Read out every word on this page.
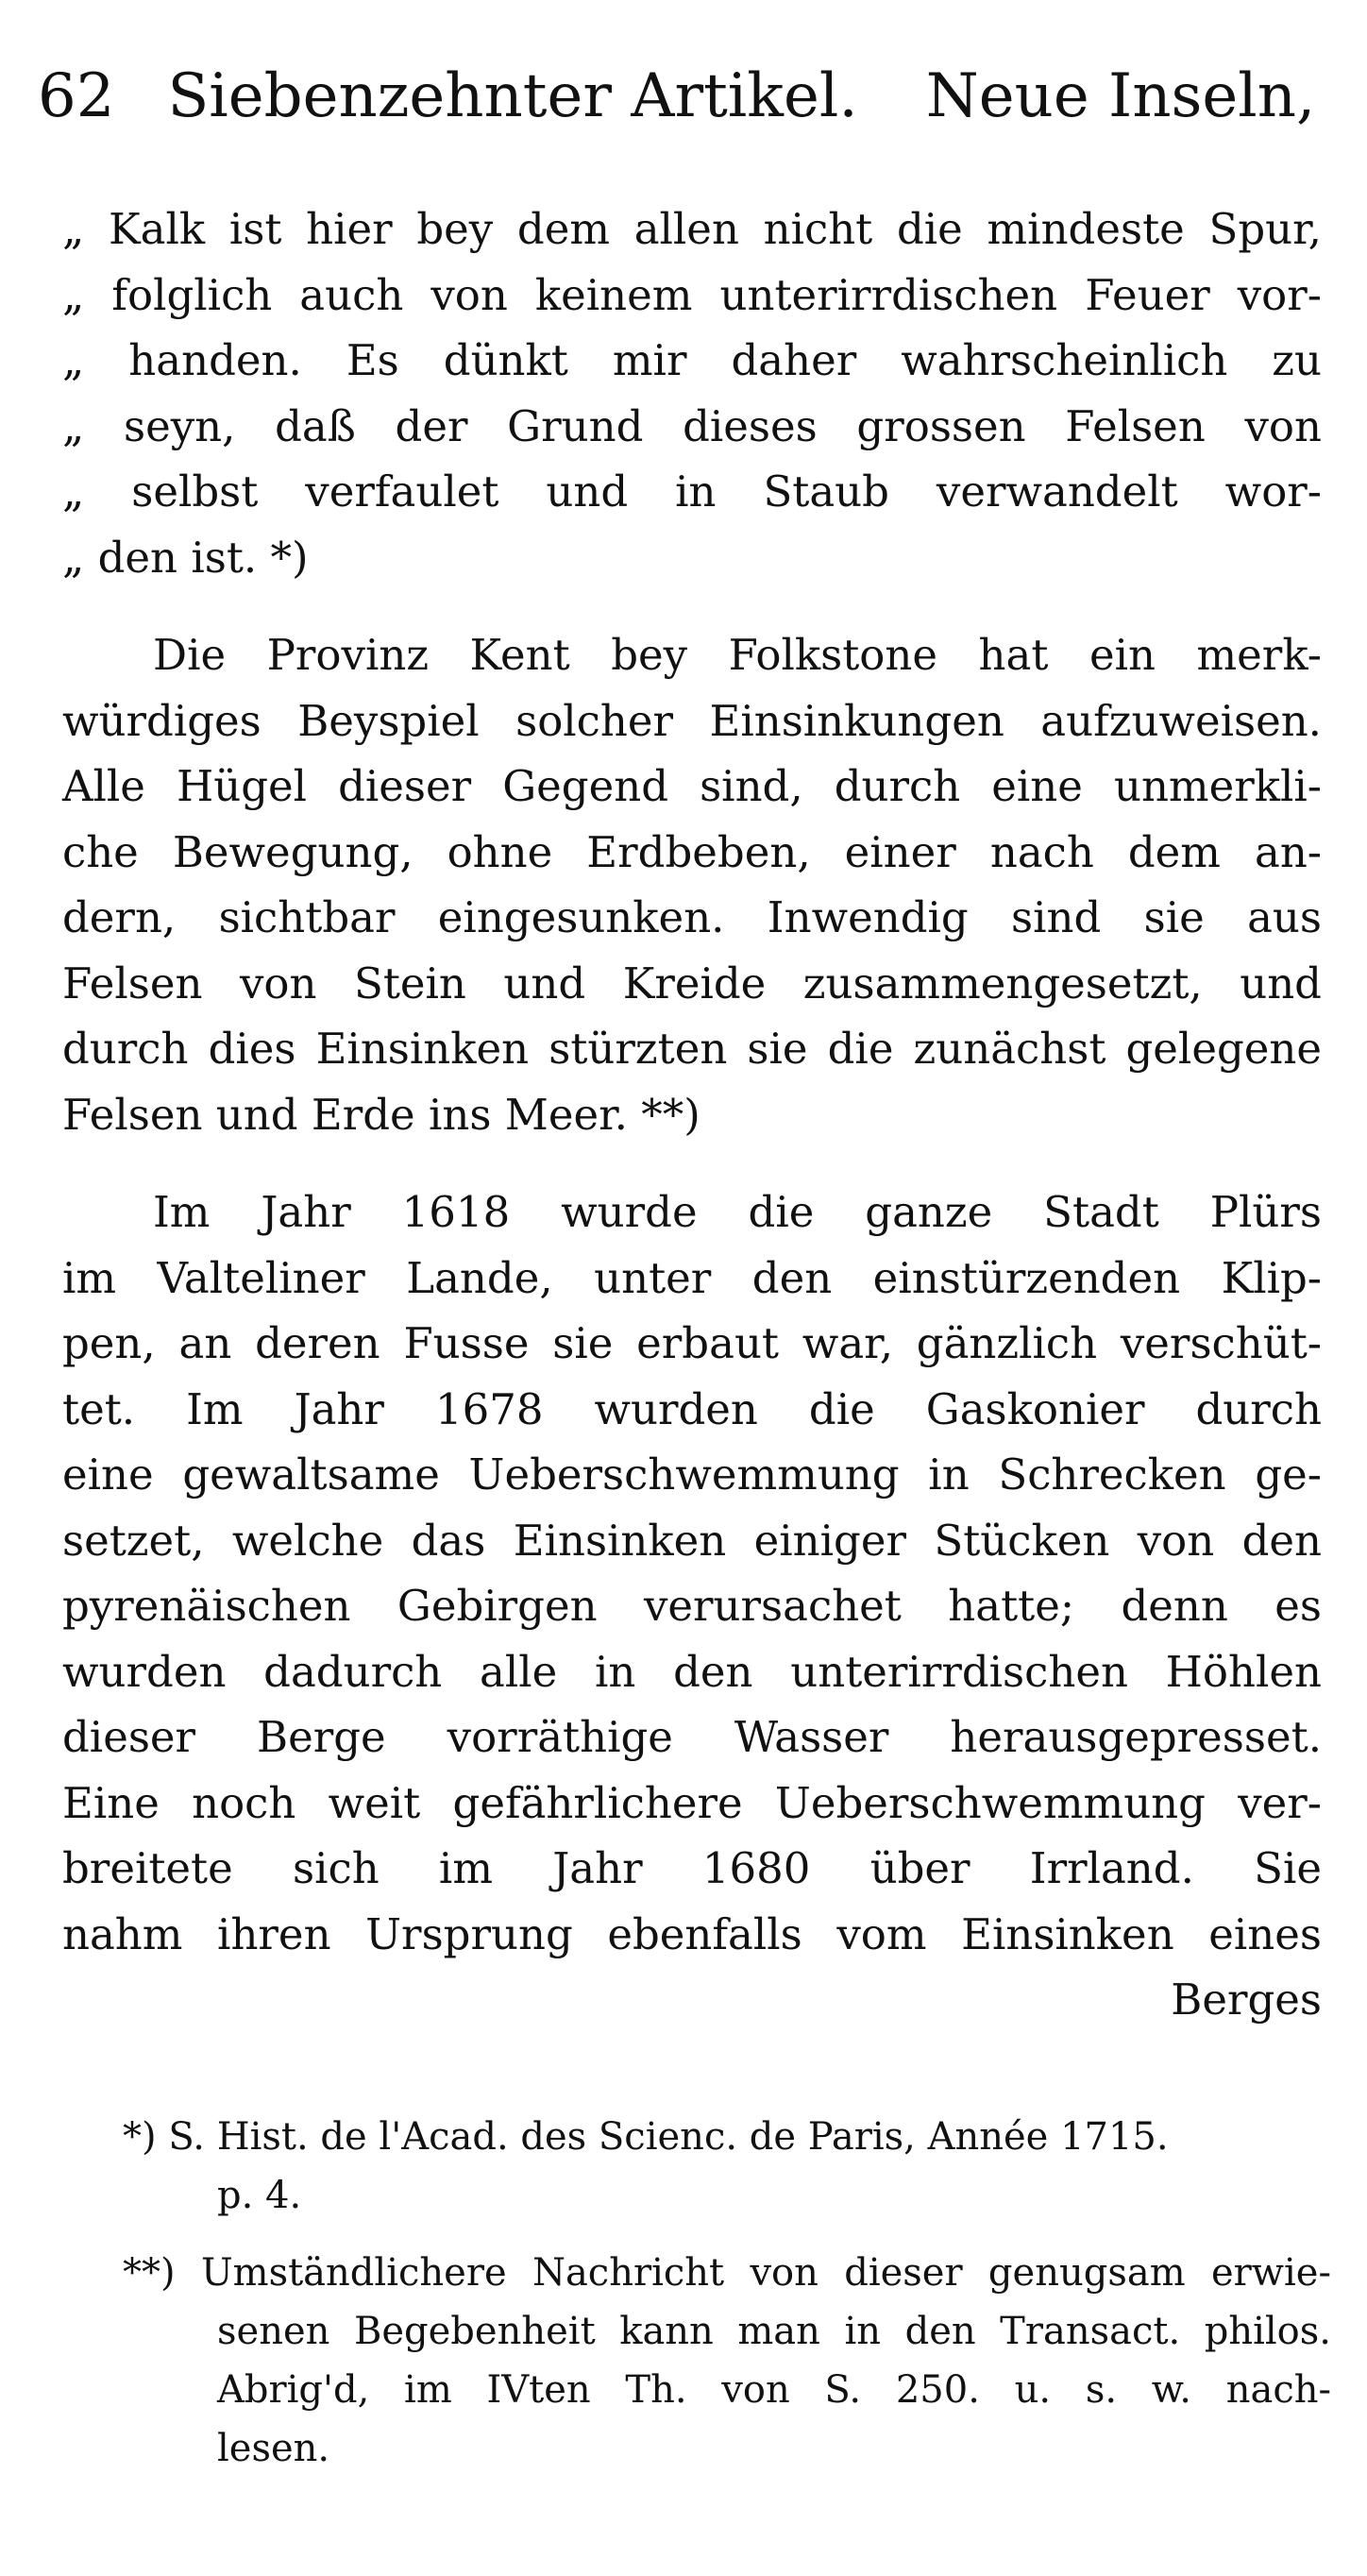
62 Siebenzehnter Artikel. Neue Inseln,
„ Kalk ist hier bey dem allen nicht die mindeste Spur,
„ folglich auch von keinem unterirrdischen Feuer vor-
„ handen. Es dünkt mir daher wahrscheinlich zu
„ seyn, daß der Grund dieses grossen Felsen von
„ selbst verfaulet und in Staub verwandelt wor-
„ den ist. *)
Die Provinz Kent bey Folkstone hat ein merk-
würdiges Beyspiel solcher Einsinkungen aufzuweisen.
Alle Hügel dieser Gegend sind, durch eine unmerkli-
che Bewegung, ohne Erdbeben, einer nach dem an-
dern, sichtbar eingesunken. Inwendig sind sie aus
Felsen von Stein und Kreide zusammengesetzt, und
durch dies Einsinken stürzten sie die zunächst gelegene
Felsen und Erde ins Meer. **)
Im Jahr 1618 wurde die ganze Stadt Plürs
im Valteliner Lande, unter den einstürzenden Klip-
pen, an deren Fusse sie erbaut war, gänzlich verschüt-
tet. Im Jahr 1678 wurden die Gaskonier durch
eine gewaltsame Ueberschwemmung in Schrecken ge-
setzet, welche das Einsinken einiger Stücken von den
pyrenäischen Gebirgen verursachet hatte; denn es
wurden dadurch alle in den unterirrdischen Höhlen
dieser Berge vorräthige Wasser herausgepresset.
Eine noch weit gefährlichere Ueberschwemmung ver-
breitete sich im Jahr 1680 über Irrland. Sie
nahm ihren Ursprung ebenfalls vom Einsinken eines
Berges
*) S. Hist. de l'Acad. des Scienc. de Paris, Année 1715.
p. 4.
**) Umständlichere Nachricht von dieser genugsam erwie-
senen Begebenheit kann man in den Transact. philos.
Abrig'd, im IVten Th. von S. 250. u. s. w. nach-
lesen.
